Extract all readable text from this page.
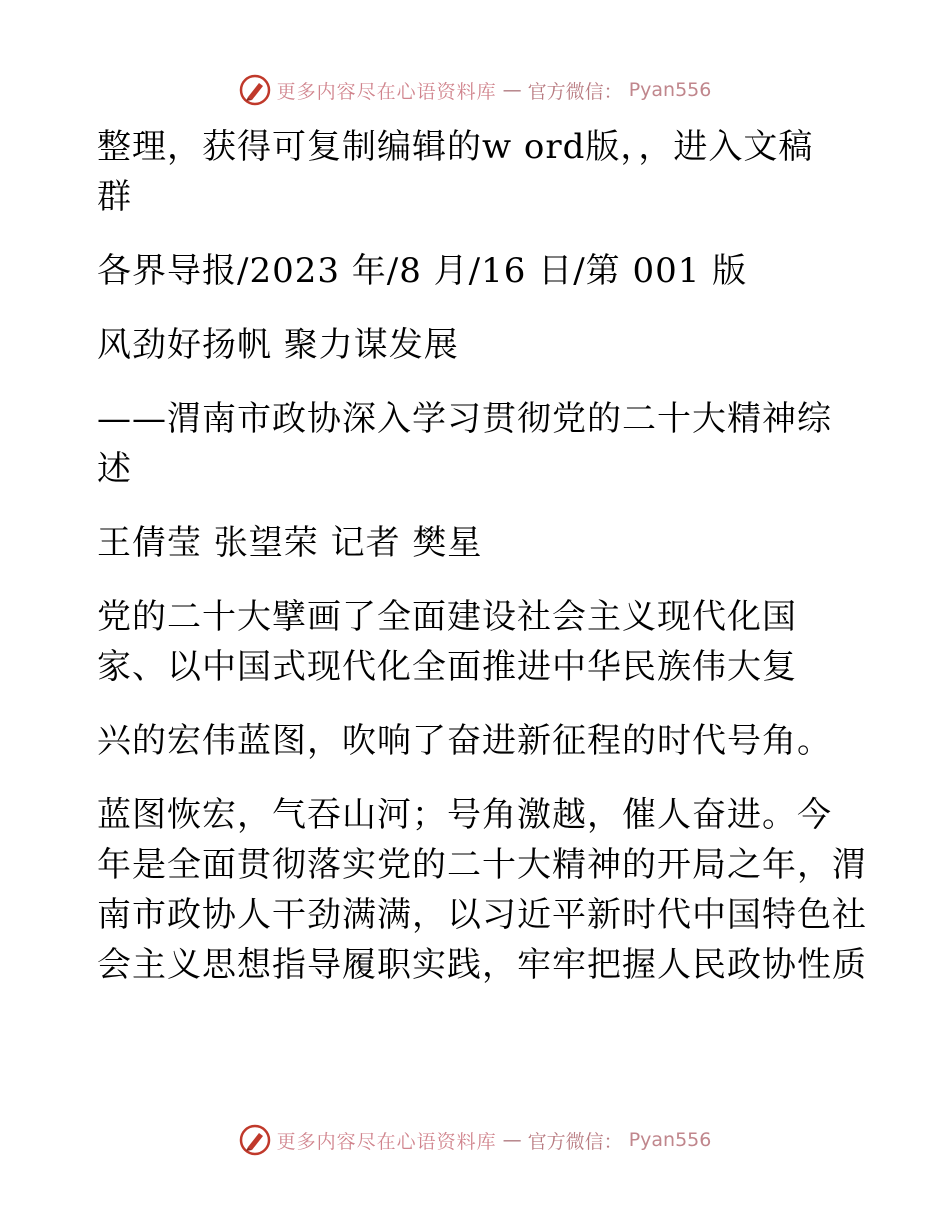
更多内容尽在心语资料库 — 官方微信： Pyan556
整理，获得可复制编辑的w ord版，，进入文稿
群
各界导报/2023 年/8 月/16 日/第 001 版
风劲好扬帆 聚力谋发展
——渭南市政协深入学习贯彻党的二十大精神综
述
王倩莹 张望荣 记者 樊星
党的二十大擘画了全面建设社会主义现代化国
家、以中国式现代化全面推进中华民族伟大复
兴的宏伟蓝图，吹响了奋进新征程的时代号角。
蓝图恢宏，气吞山河；号角激越，催人奋进。今
年是全面贯彻落实党的二十大精神的开局之年，渭
南市政协人干劲满满，以习近平新时代中国特色社
会主义思想指导履职实践，牢牢把握人民政协性质
更多内容尽在心语资料库 — 官方微信： Pyan556
